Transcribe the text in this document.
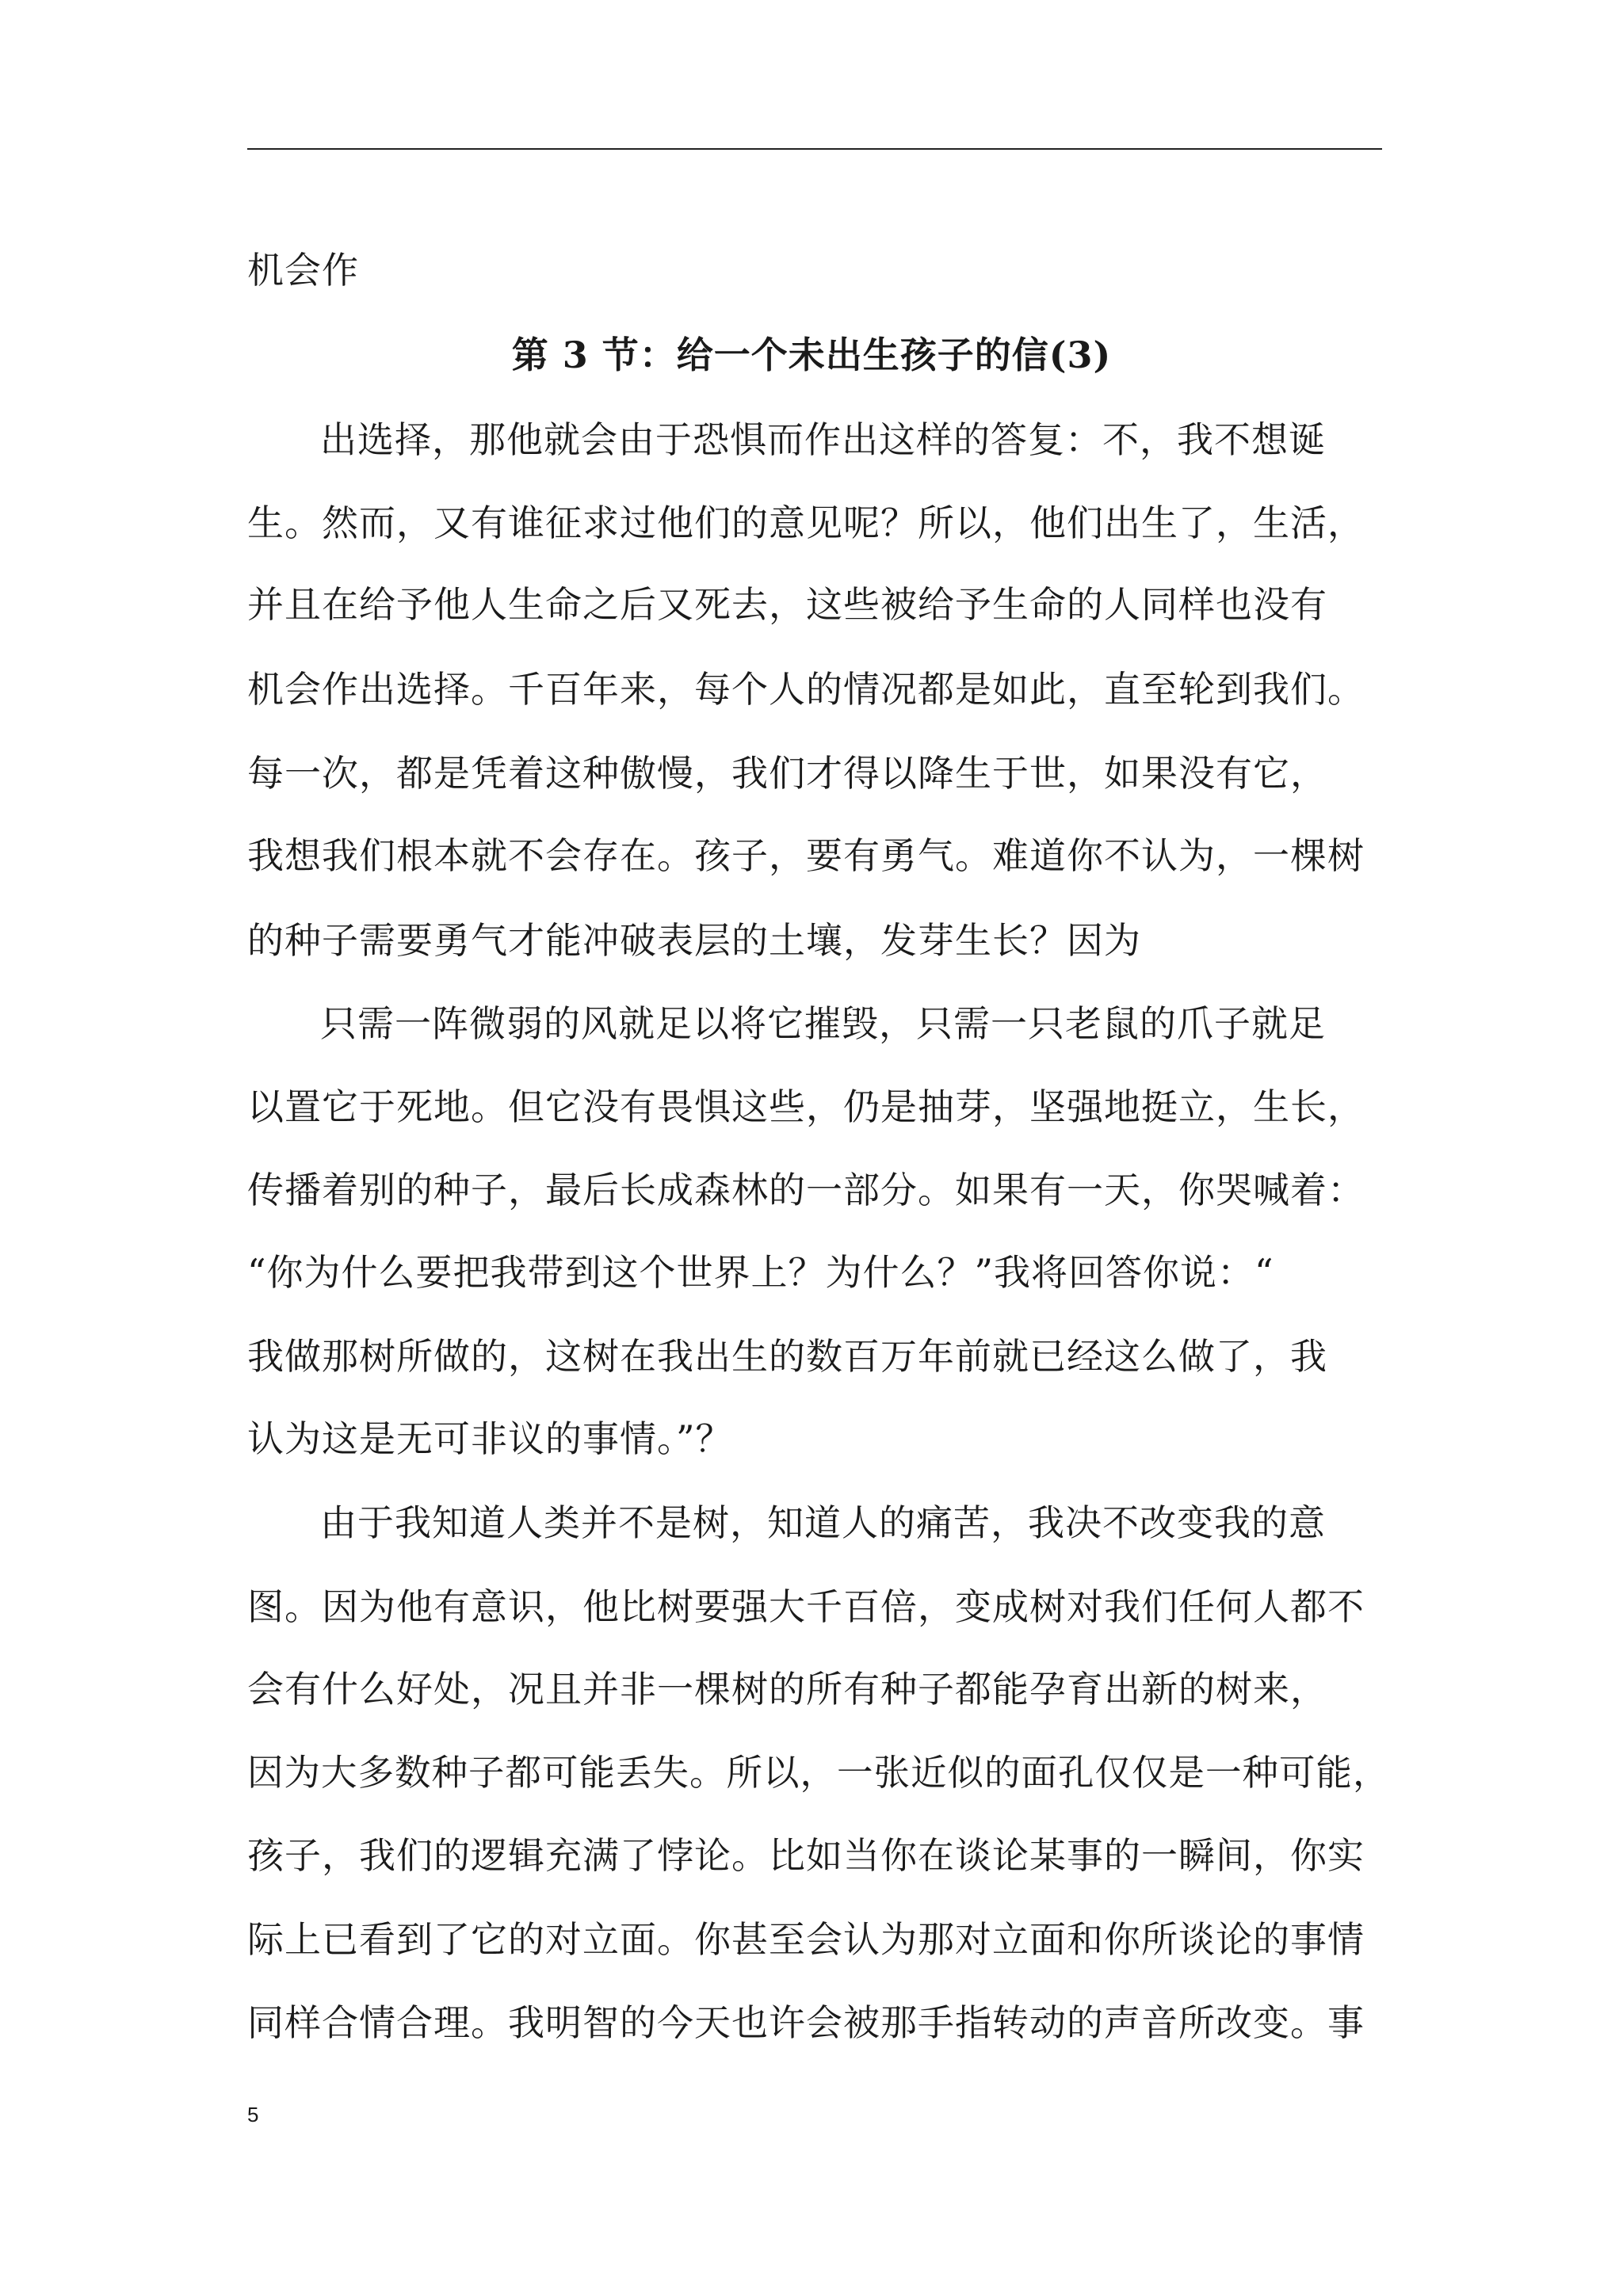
机会作
第 3 节：给一个未出生孩子的信(3)
出选择，那他就会由于恐惧而作出这样的答复：不，我不想诞
生。然而，又有谁征求过他们的意见呢？所以，他们出生了，生活，
并且在给予他人生命之后又死去，这些被给予生命的人同样也没有
机会作出选择。千百年来，每个人的情况都是如此，直至轮到我们。
每一次，都是凭着这种傲慢，我们才得以降生于世，如果没有它，
我想我们根本就不会存在。孩子，要有勇气。难道你不认为，一棵树
的种子需要勇气才能冲破表层的土壤，发芽生长？因为
只需一阵微弱的风就足以将它摧毁，只需一只老鼠的爪子就足
以置它于死地。但它没有畏惧这些，仍是抽芽，坚强地挺立，生长，
传播着别的种子，最后长成森林的一部分。如果有一天，你哭喊着：
“你为什么要把我带到这个世界上？为什么？”我将回答你说：“
我做那树所做的，这树在我出生的数百万年前就已经这么做了，我
认为这是无可非议的事情。”？
由于我知道人类并不是树，知道人的痛苦，我决不改变我的意
图。因为他有意识，他比树要强大千百倍，变成树对我们任何人都不
会有什么好处，况且并非一棵树的所有种子都能孕育出新的树来，
因为大多数种子都可能丢失。所以，一张近似的面孔仅仅是一种可能，
孩子，我们的逻辑充满了悖论。比如当你在谈论某事的一瞬间，你实
际上已看到了它的对立面。你甚至会认为那对立面和你所谈论的事情
同样合情合理。我明智的今天也许会被那手指转动的声音所改变。事
5
